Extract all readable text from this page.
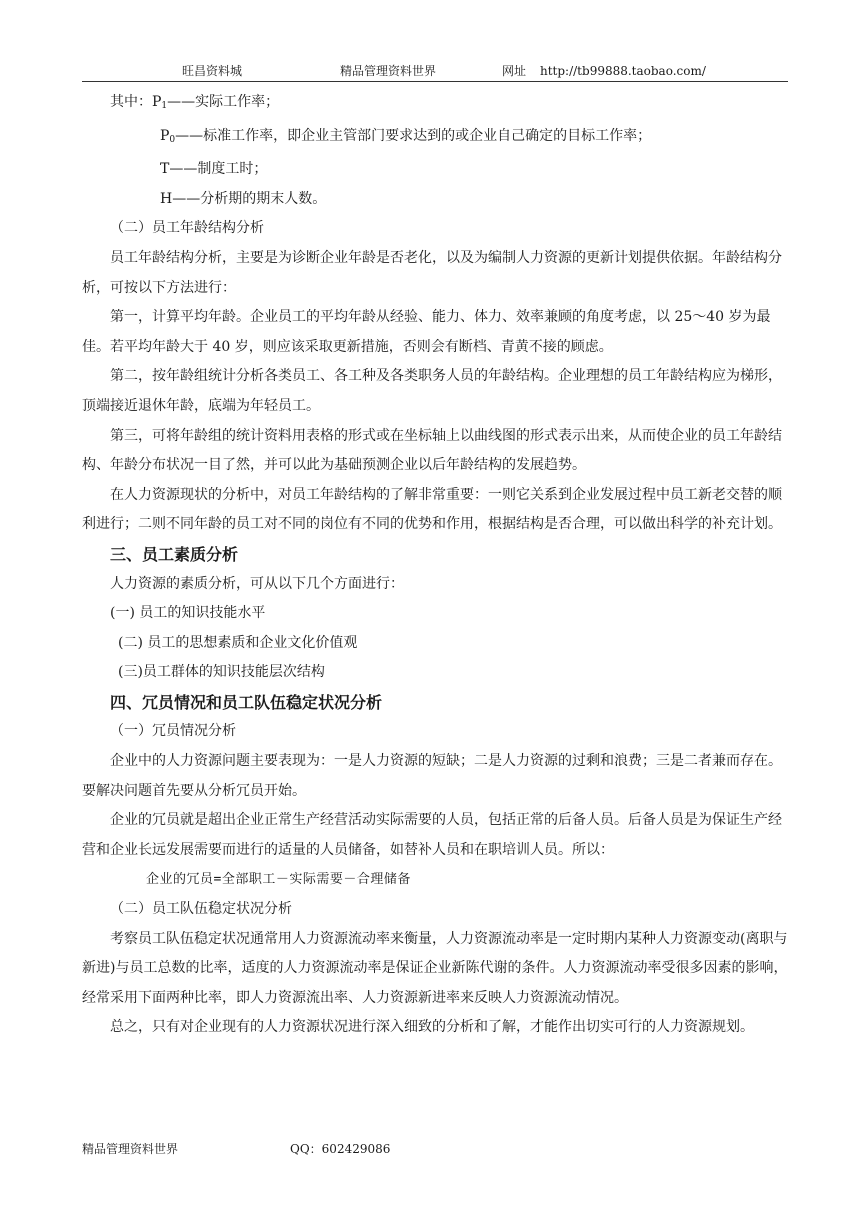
旺昌资料城	精品管理资料世界	网址 http://tb99888.taobao.com/

其中：$P_1——$实际工作率；

$P_0——$标准工作率，即企业主管部门要求达到的或企业自己确定的目标工作率；

T——制度工时；

H——分析期的期末人数。

（二）员工年龄结构分析

员工年龄结构分析，主要是为诊断企业年龄是否老化，以及为编制人力资源的更新计划提供依据。年龄结构分析，可按以下方法进行：

第一，计算平均年龄。企业员工的平均年龄从经验、能力、体力、效率兼顾的角度考虑，以 25～40 岁为最佳。若平均年龄大于 40 岁，则应该采取更新措施，否则会有断档、青黄不接的顾虑。

第二，按年龄组统计分析各类员工、各工种及各类职务人员的年龄结构。企业理想的员工年龄结构应为梯形，顶端接近退休年龄，底端为年轻员工。

第三，可将年龄组的统计资料用表格的形式或在坐标轴上以曲线图的形式表示出来，从而使企业的员工年龄结构、年龄分布状况一目了然，并可以此为基础预测企业以后年龄结构的发展趋势。

在人力资源现状的分析中，对员工年龄结构的了解非常重要：一则它关系到企业发展过程中员工新老交替的顺利进行；二则不同年龄的员工对不同的岗位有不同的优势和作用，根据结构是否合理，可以做出科学的补充计划。

三、员工素质分析

人力资源的素质分析，可从以下几个方面进行：

(一) 员工的知识技能水平

(二) 员工的思想素质和企业文化价值观

(三)员工群体的知识技能层次结构

四、冗员情况和员工队伍稳定状况分析

（一）冗员情况分析

企业中的人力资源问题主要表现为：一是人力资源的短缺；二是人力资源的过剩和浪费；三是二者兼而存在。要解决问题首先要从分析冗员开始。

企业的冗员就是超出企业正常生产经营活动实际需要的人员，包括正常的后备人员。后备人员是为保证生产经营和企业长远发展需要而进行的适量的人员储备，如替补人员和在职培训人员。所以：

企业的冗员=全部职工－实际需要－合理储备

（二）员工队伍稳定状况分析

考察员工队伍稳定状况通常用人力资源流动率来衡量，人力资源流动率是一定时期内某种人力资源变动(离职与新进)与员工总数的比率，适度的人力资源流动率是保证企业新陈代谢的条件。人力资源流动率受很多因素的影响，经常采用下面两种比率，即人力资源流出率、人力资源新进率来反映人力资源流动情况。

总之，只有对企业现有的人力资源状况进行深入细致的分析和了解，才能作出切实可行的人力资源规划。

精品管理资料世界	QQ：602429086
